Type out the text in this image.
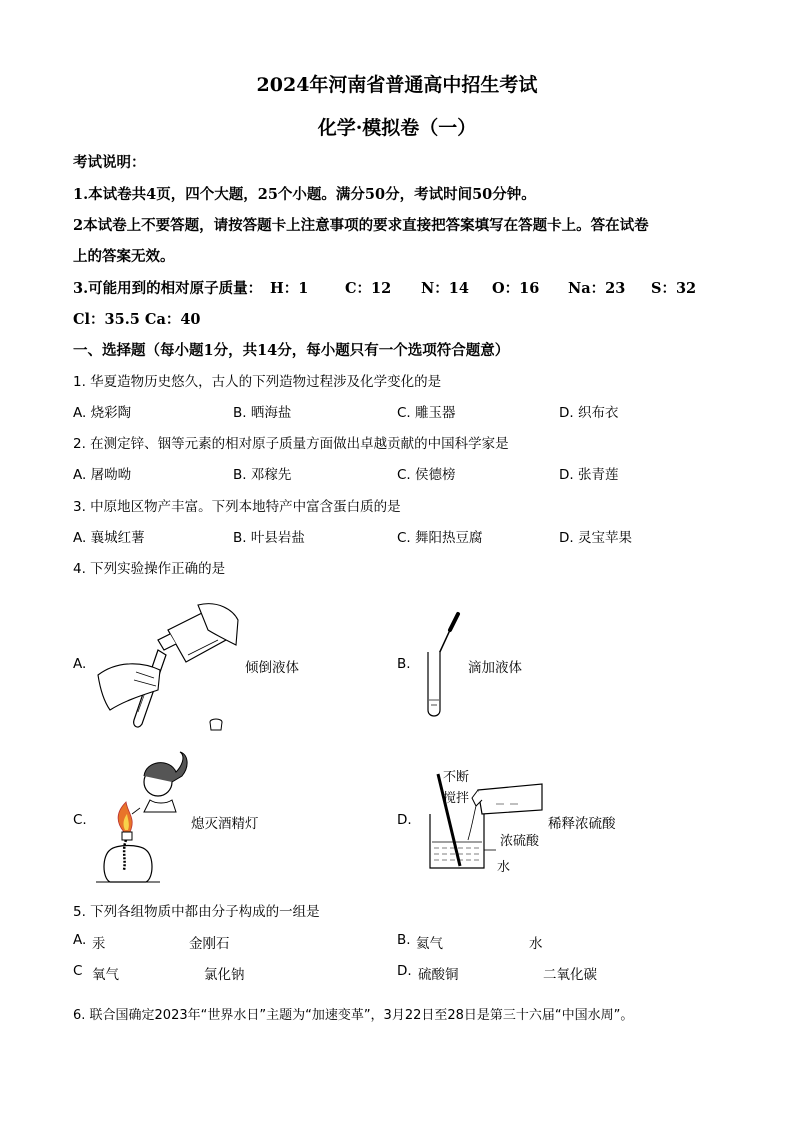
2024年河南省普通高中招生考试
化学·模拟卷（一）
考试说明：
1.本试卷共4页，四个大题，25个小题。满分50分，考试时间50分钟。
2本试卷上不要答题，请按答题卡上注意事项的要求直接把答案填写在答题卡上。答在试卷
上的答案无效。
3.可能用到的相对原子质量： H：1	C：12 N：14 O：16 Na：23 S：32
Cl：35.5 Ca：40
一、选择题（每小题1分，共14分，每小题只有一个选项符合题意）
1. 华夏造物历史悠久，古人的下列造物过程涉及化学变化的是
A. 烧彩陶	B. 晒海盐	C. 雕玉器	D. 织布衣
2. 在测定锌、铟等元素的相对原子质量方面做出卓越贡献的中国科学家是
A. 屠呦呦	B. 邓稼先	C. 侯德榜	D. 张青莲
3. 中原地区物产丰富。下列本地特产中富含蛋白质的是
A. 襄城红薯	B. 叶县岩盐	C. 舞阳热豆腐	D. 灵宝苹果
4. 下列实验操作正确的是
A.	倾倒液体	B.	滴加液体
C.	熄灭酒精灯	D.
不断
搅拌
稀释浓硫酸
浓硫酸
水
5. 下列各组物质中都由分子构成的一组是
A. 汞	金刚石	B. 氦气	水
C 氧气	氯化钠	D. 硫酸铜	二氧化碳
6. 联合国确定2023年“世界水日”主题为“加速变革”，3月22日至28日是第三十六届“中国水周”。
